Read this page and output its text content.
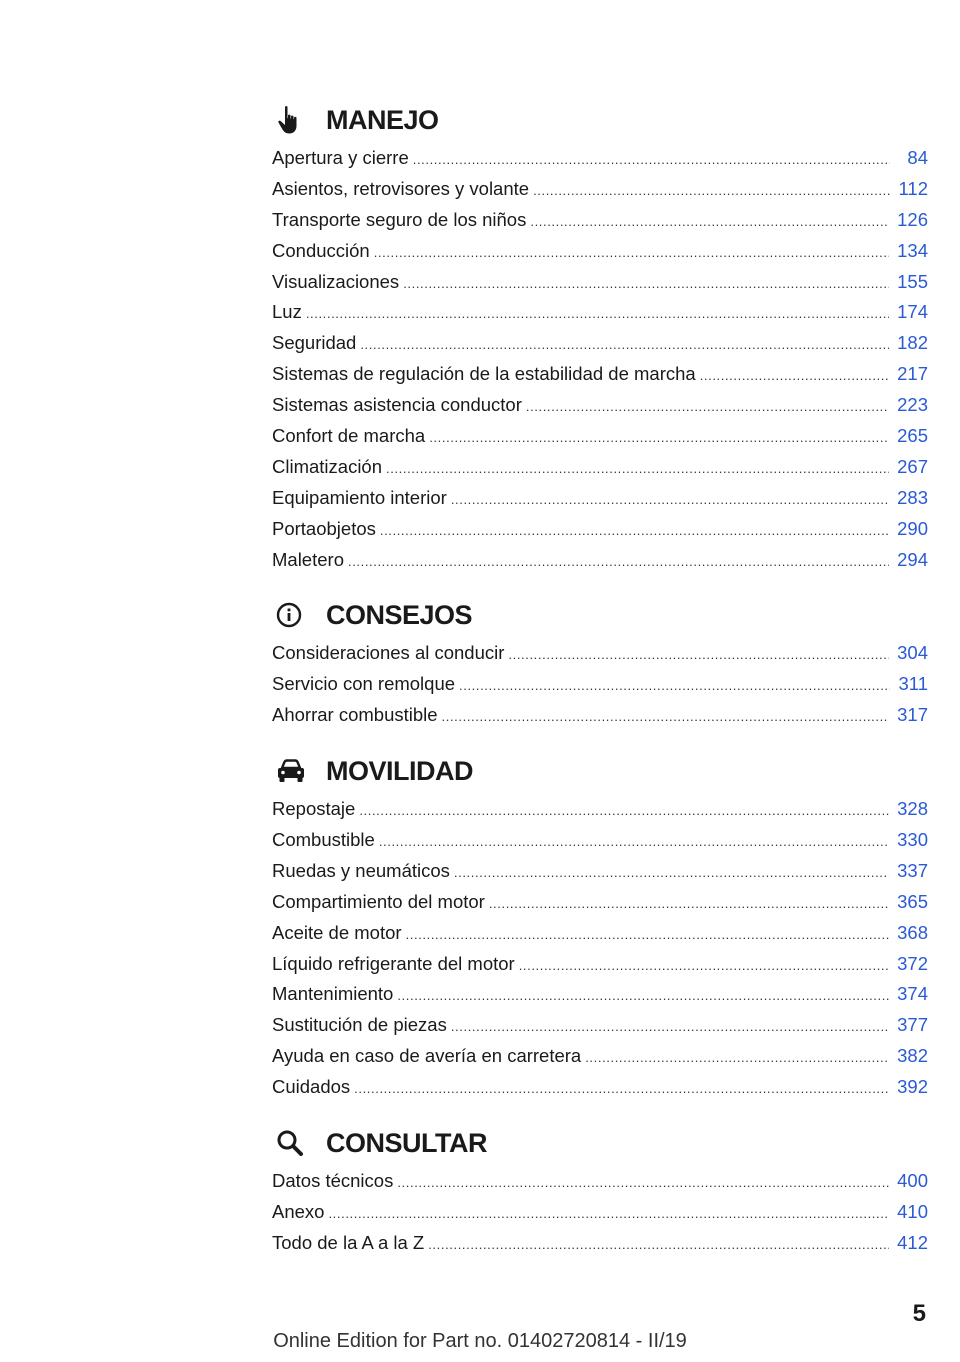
MANEJO
Apertura y cierre .....	84
Asientos, retrovisores y volante .....	112
Transporte seguro de los niños .....	126
Conducción .....	134
Visualizaciones .....	155
Luz .....	174
Seguridad .....	182
Sistemas de regulación de la estabilidad de marcha .....	217
Sistemas asistencia conductor .....	223
Confort de marcha .....	265
Climatización .....	267
Equipamiento interior .....	283
Portaobjetos .....	290
Maletero .....	294
CONSEJOS
Consideraciones al conducir .....	304
Servicio con remolque .....	311
Ahorrar combustible .....	317
MOVILIDAD
Repostaje .....	328
Combustible .....	330
Ruedas y neumáticos .....	337
Compartimiento del motor .....	365
Aceite de motor .....	368
Líquido refrigerante del motor .....	372
Mantenimiento .....	374
Sustitución de piezas .....	377
Ayuda en caso de avería en carretera .....	382
Cuidados .....	392
CONSULTAR
Datos técnicos .....	400
Anexo .....	410
Todo de la A a la Z .....	412
5
Online Edition for Part no. 01402720814 - II/19
